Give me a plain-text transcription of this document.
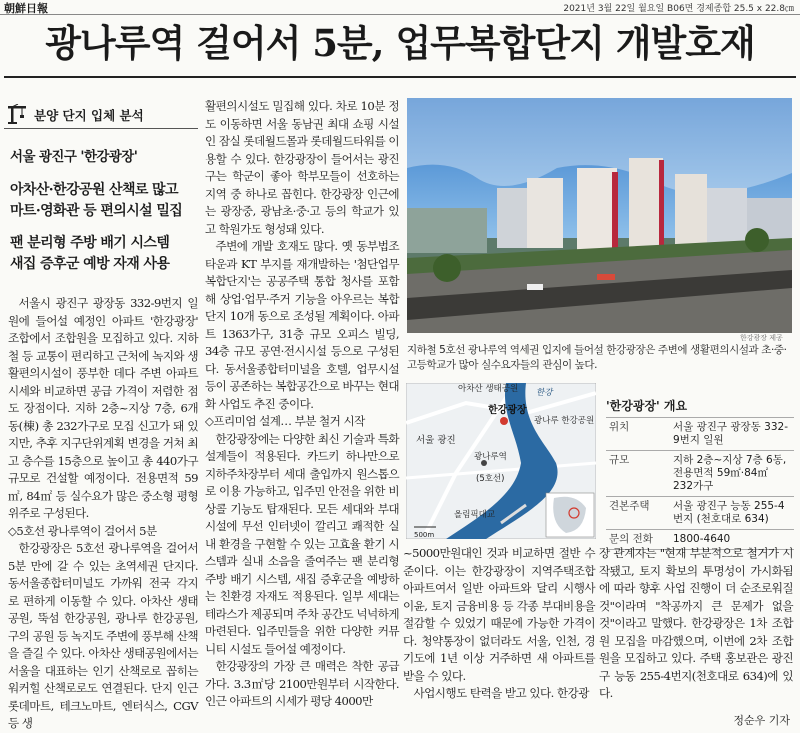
朝鮮日報	2021년 3월 22일 월요일 B06면 경제종합 25.5 x 22.8㎝
광나루역 걸어서 5분, 업무복합단지 개발호재
분양 단지 입체 분석
서울 광진구 '한강광장'
아차산·한강공원 산책로 많고
마트·영화관 등 편의시설 밀집
팬 분리형 주방 배기 시스템
새집 증후군 예방 자재 사용

서울시 광진구 광장동 332-9번지 일원에 들어설 예정인 아파트 '한강광장' 조합에서 조합원을 모집하고 있다. 지하철 등 교통이 편리하고 근처에 녹지와 생활편의시설이 풍부한 데다 주변 아파트 시세와 비교하면 공급 가격이 저렴한 점도 장점이다. 지하 2층~지상 7층, 6개 동(棟) 총 232가구로 모집 신고가 돼 있지만, 추후 지구단위계획 변경을 거쳐 최고 층수를 15층으로 높이고 총 440가구 규모로 건설할 예정이다. 전용면적 59㎡, 84㎡ 등 실수요가 많은 중소형 평형 위주로 구성된다.

◇5호선 광나루역이 걸어서 5분

한강광장은 5호선 광나루역을 걸어서 5분 만에 갈 수 있는 초역세권 단지다. 동서울종합터미널도 가까워 전국 각지로 편하게 이동할 수 있다. 아차산 생태공원, 뚝섬 한강공원, 광나루 한강공원, 구의 공원 등 녹지도 주변에 풍부해 산책을 즐길 수 있다. 아차산 생태공원에서는 서울을 대표하는 인기 산책로로 꼽히는 워커힐 산책로로도 연결된다. 단지 인근 롯데마트, 테크노마트, 엔터식스, CGV 등 생

활편의시설도 밀집해 있다. 차로 10분 정도 이동하면 서울 동남권 최대 쇼핑 시설인 잠실 롯데월드몰과 롯데월드타워를 이용할 수 있다. 한강광장이 들어서는 광진구는 학군이 좋아 학부모들이 선호하는 지역 중 하나로 꼽힌다. 한강광장 인근에는 광장중, 광남초·중·고 등의 학교가 있고 학원가도 형성돼 있다.

주변에 개발 호재도 많다. 옛 동부법조타운과 KT 부지를 재개발하는 '첨단업무복합단지'는 공공주택 통합 청사를 포함해 상업·업무·주거 기능을 아우르는 복합단지 10개 동으로 조성될 계획이다. 아파트 1363가구, 31층 규모 오피스 빌딩, 34층 규모 공연·전시시설 등으로 구성된다. 동서울종합터미널을 호텔, 업무시설 등이 공존하는 복합공간으로 바꾸는 현대화 사업도 추진 중이다.

◇프리미엄 설계… 부분 철거 시작

한강광장에는 다양한 최신 기술과 특화 설계들이 적용된다. 카드키 하나만으로 지하주차장부터 세대 출입까지 원스톱으로 이용 가능하고, 입주민 안전을 위한 비상콜 기능도 탑재된다. 모든 세대와 부대시설에 무선 인터넷이 깔리고 쾌적한 실내 환경을 구현할 수 있는 고효율 환기 시스템과 실내 소음을 줄여주는 팬 분리형 주방 배기 시스템, 새집 증후군을 예방하는 친환경 자재도 적용된다. 일부 세대는 테라스가 제공되며 주차 공간도 넉넉하게 마련된다. 입주민들을 위한 다양한 커뮤니티 시설도 들어설 예정이다.

한강광장의 가장 큰 매력은 착한 공급가다. 3.3㎡당 2100만원부터 시작한다. 인근 아파트의 시세가 평당 4000만

한강광장 제공
지하철 5호선 광나루역 역세권 입지에 들어설 한강광장은 주변에 생활편의시설과 초·중·고등학교가 많아 실수요자들의 관심이 높다.
아차산 생태공원 한강
한강광장
광나루 한강공원
서울 광진
광나루역
(5호선)
올림픽대교
500m
'한강광장' 개요
위치	서울 광진구 광장동 332-9번지 일원
규모	지하 2층~지상 7층 6동, 전용면적 59㎡·84㎡ 232가구
견본주택	서울 광진구 능동 255-4번지 (천호대로 634)
문의 전화	1800-4640

~5000만원대인 것과 비교하면 절반 수준이다. 이는 한강광장이 지역주택조합 아파트여서 일반 아파트와 달리 시행사 이윤, 토지 금융비용 등 각종 부대비용을 절감할 수 있었기 때문에 가능한 가격이다. 청약통장이 없더라도 서울, 인천, 경기도에 1년 이상 거주하면 새 아파트를 받을 수 있다.

사업시행도 탄력을 받고 있다. 한강광

장 관계자는 "현재 부분적으로 철거가 시작됐고, 토지 확보의 투명성이 가시화됨에 따라 향후 사업 진행이 더 순조로워질 것"이라며 "착공까지 큰 문제가 없을 것"이라고 말했다. 한강광장은 1차 조합원 모집을 마감했으며, 이번에 2차 조합원을 모집하고 있다. 주택 홍보관은 광진구 능동 255-4번지(천호대로 634)에 있다.

정순우 기자
